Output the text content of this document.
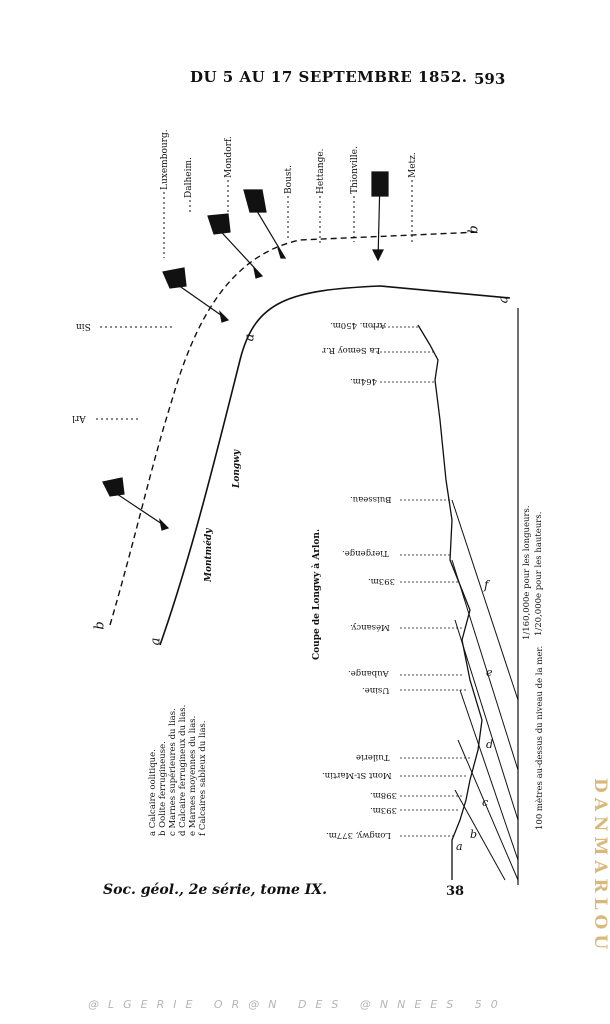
DU 5 AU 17 SEPTEMBRE 1852. 593
Luxembourg. Dalheim.	Mondorf.
Boust. Hettange.	Thionville.	Metz.
Sin
Arl
b
b
a
a
a
Montmédy
Longwy
Coupe de Longwy à Arlon.
Arlon. 450m.
La Semoy R.r
464m.
Buisseau.
Tiergenge.
393m.
Mésancy.
Aubange.
Usine.
Tuilerie
Mont St-Martin.
398m.
393m.
Longwy, 377m.
f
e
d
c
b
a
1/160,000e pour les longueurs. 1/20,000e pour les hauteurs.
100 mètres au-dessus du niveau de la mer.
a Calcaire oolitique. b Oolite ferrugineuse. c Marnes supérieures du lias. d Calcaire ferrugineux du lias. e Marnes moyennes du lias. f Calcaires sableux du lias.
Soc. géol., 2e série, tome IX.	38
@LGERIE OR@N DES @NNEES 50
DANMARLOU
